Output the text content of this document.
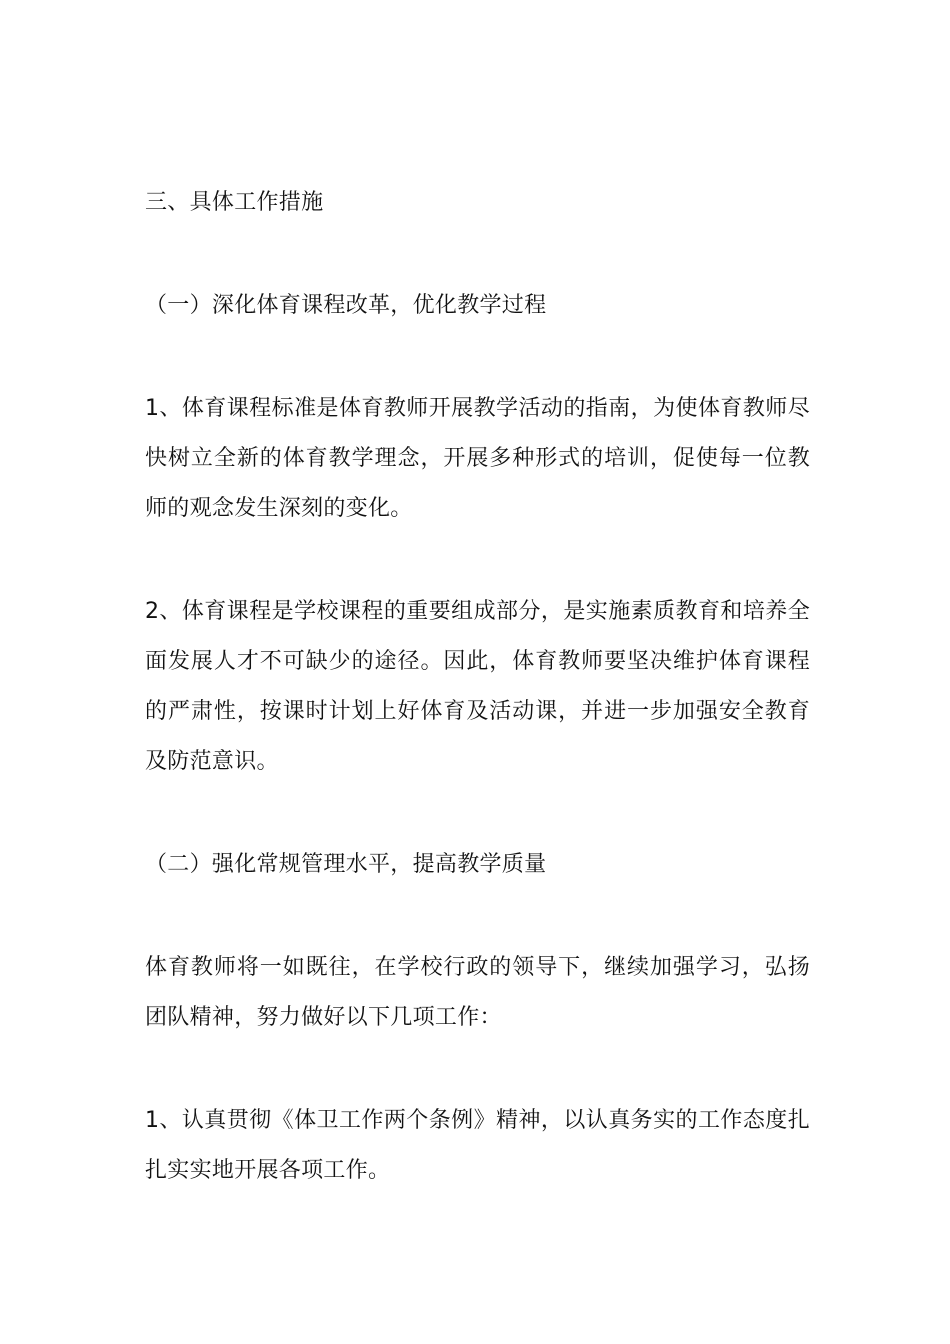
三、具体工作措施

（一）深化体育课程改革，优化教学过程

1、体育课程标准是体育教师开展教学活动的指南，为使体育教师尽快树立全新的体育教学理念，开展多种形式的培训，促使每一位教师的观念发生深刻的变化。

2、体育课程是学校课程的重要组成部分，是实施素质教育和培养全面发展人才不可缺少的途径。因此，体育教师要坚决维护体育课程的严肃性，按课时计划上好体育及活动课，并进一步加强安全教育及防范意识。

（二）强化常规管理水平，提高教学质量

体育教师将一如既往，在学校行政的领导下，继续加强学习，弘扬团队精神，努力做好以下几项工作：

1、认真贯彻《体卫工作两个条例》精神，以认真务实的工作态度扎扎实实地开展各项工作。
